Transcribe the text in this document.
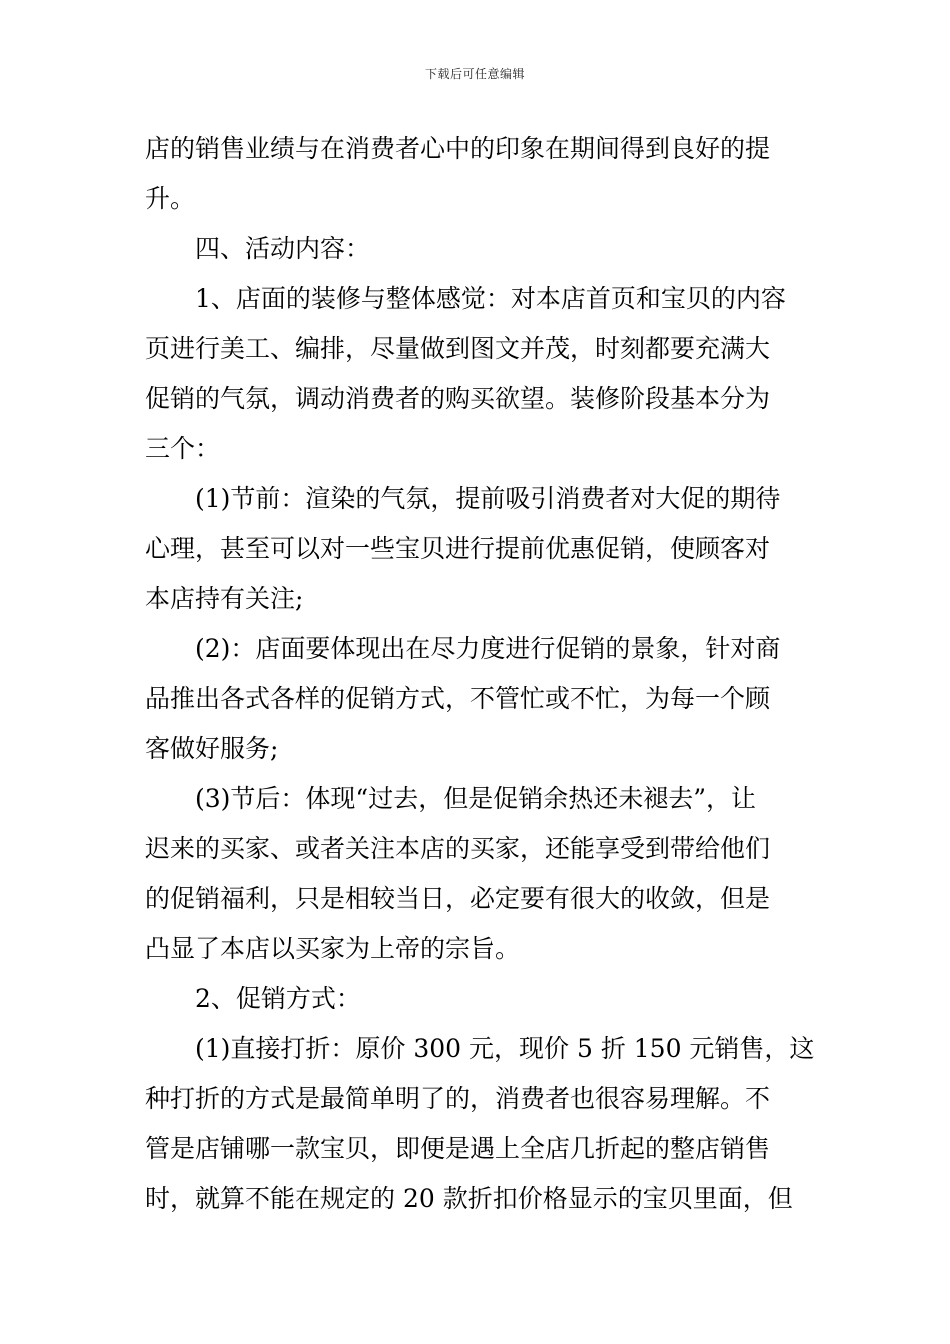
下载后可任意编辑
店的销售业绩与在消费者心中的印象在期间得到良好的提
升。
四、活动内容：
1、店面的装修与整体感觉：对本店首页和宝贝的内容
页进行美工、编排，尽量做到图文并茂，时刻都要充满大
促销的气氛，调动消费者的购买欲望。装修阶段基本分为
三个：
(1)节前：渲染的气氛，提前吸引消费者对大促的期待
心理，甚至可以对一些宝贝进行提前优惠促销，使顾客对
本店持有关注;
(2)：店面要体现出在尽力度进行促销的景象，针对商
品推出各式各样的促销方式，不管忙或不忙，为每一个顾
客做好服务;
(3)节后：体现“过去，但是促销余热还未褪去”，让
迟来的买家、或者关注本店的买家，还能享受到带给他们
的促销福利，只是相较当日，必定要有很大的收敛，但是
凸显了本店以买家为上帝的宗旨。
2、促销方式：
(1)直接打折：原价 300 元，现价 5 折 150 元销售，这
种打折的方式是最简单明了的，消费者也很容易理解。不
管是店铺哪一款宝贝，即便是遇上全店几折起的整店销售
时，就算不能在规定的 20 款折扣价格显示的宝贝里面，但
